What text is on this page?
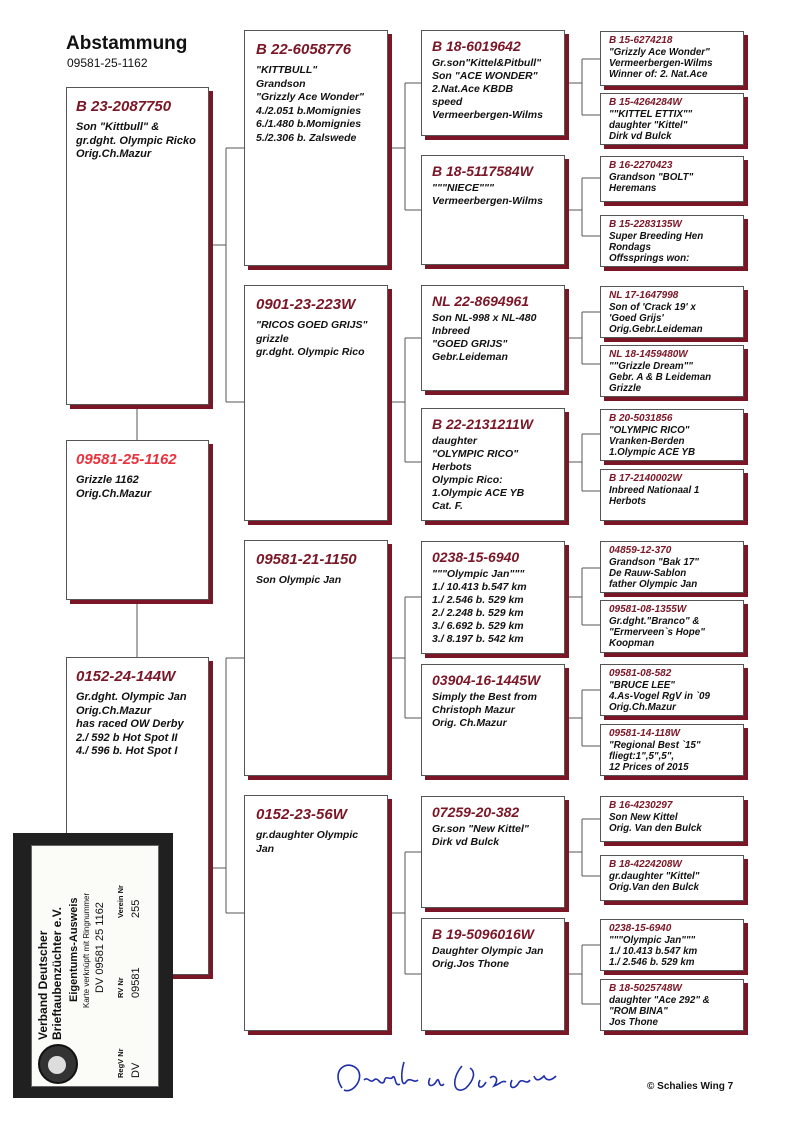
Abstammung
09581-25-1162
B 23-2087750
Son "Kittbull" &
gr.dght. Olympic Ricko
Orig.Ch.Mazur
09581-25-1162
Grizzle 1162
Orig.Ch.Mazur
0152-24-144W
Gr.dght. Olympic Jan
Orig.Ch.Mazur
has raced OW Derby
2./ 592 b Hot Spot II
4./ 596 b. Hot Spot I
B 22-6058776
"KITTBULL"
Grandson
"Grizzly Ace Wonder"
4./2.051 b.Momignies
6./1.480 b.Momignies
5./2.306 b. Zalswede
0901-23-223W
"RICOS GOED GRIJS"
grizzle
gr.dght. Olympic Rico
09581-21-1150
Son Olympic Jan
0152-23-56W
gr.daughter Olympic
Jan
B 18-6019642
Gr.son"Kittel&Pitbull"
Son "ACE WONDER"
2.Nat.Ace KBDB
speed
Vermeerbergen-Wilms
B 18-5117584W
"""NIECE"""
Vermeerbergen-Wilms
NL 22-8694961
Son NL-998 x NL-480
Inbreed
"GOED GRIJS"
Gebr.Leideman
B 22-2131211W
daughter
"OLYMPIC RICO"
Herbots
Olympic Rico:
1.Olympic ACE YB
Cat. F.
0238-15-6940
"""Olympic Jan"""
1./ 10.413 b.547 km
1./ 2.546 b. 529 km
2./ 2.248 b. 529 km
3./ 6.692 b. 529 km
3./ 8.197 b. 542 km
03904-16-1445W
Simply the Best from
Christoph Mazur
Orig. Ch.Mazur
07259-20-382
Gr.son "New Kittel"
Dirk vd Bulck
B 19-5096016W
Daughter Olympic Jan
Orig.Jos Thone
B 15-6274218
"Grizzly Ace Wonder"
Vermeerbergen-Wilms
Winner of: 2. Nat.Ace
B 15-4264284W
""KITTEL ETTIX""
daughter "Kittel"
Dirk vd Bulck
B 16-2270423
Grandson "BOLT"
Heremans
B 15-2283135W
Super Breeding Hen
Rondags
Offssprings won:
NL 17-1647998
Son of 'Crack 19' x
'Goed Grijs'
Orig.Gebr.Leideman
NL 18-1459480W
""Grizzle Dream""
Gebr. A & B Leideman
Grizzle
B 20-5031856
"OLYMPIC RICO"
Vranken-Berden
1.Olympic ACE YB
B 17-2140002W
Inbreed Nationaal 1
Herbots
04859-12-370
Grandson "Bak 17"
De Rauw-Sablon
father Olympic Jan
09581-08-1355W
Gr.dght."Branco" &
"Ermerveen`s Hope"
Koopman
09581-08-582
"BRUCE LEE"
4.As-Vogel RgV in `09
Orig.Ch.Mazur
09581-14-118W
"Regional Best `15"
fliegt:1",5",5",
12 Prices of 2015
B 16-4230297
Son New Kittel
Orig. Van den Bulck
B 18-4224208W
gr.daughter "Kittel"
Orig.Van den Bulck
0238-15-6940
"""Olympic Jan"""
1./ 10.413 b.547 km
1./ 2.546 b. 529 km
B 18-5025748W
daughter "Ace 292" &
"ROM BINA"
Jos Thone
Verband Deutscher Brieftaubenzüchter e.V. Eigentums-Ausweis Karte verknüpft mit Ringnummer DV 09581 25 1162
RegV Nr DV
RV Nr 09581
Verein Nr 255
© Schalies Wing 7
